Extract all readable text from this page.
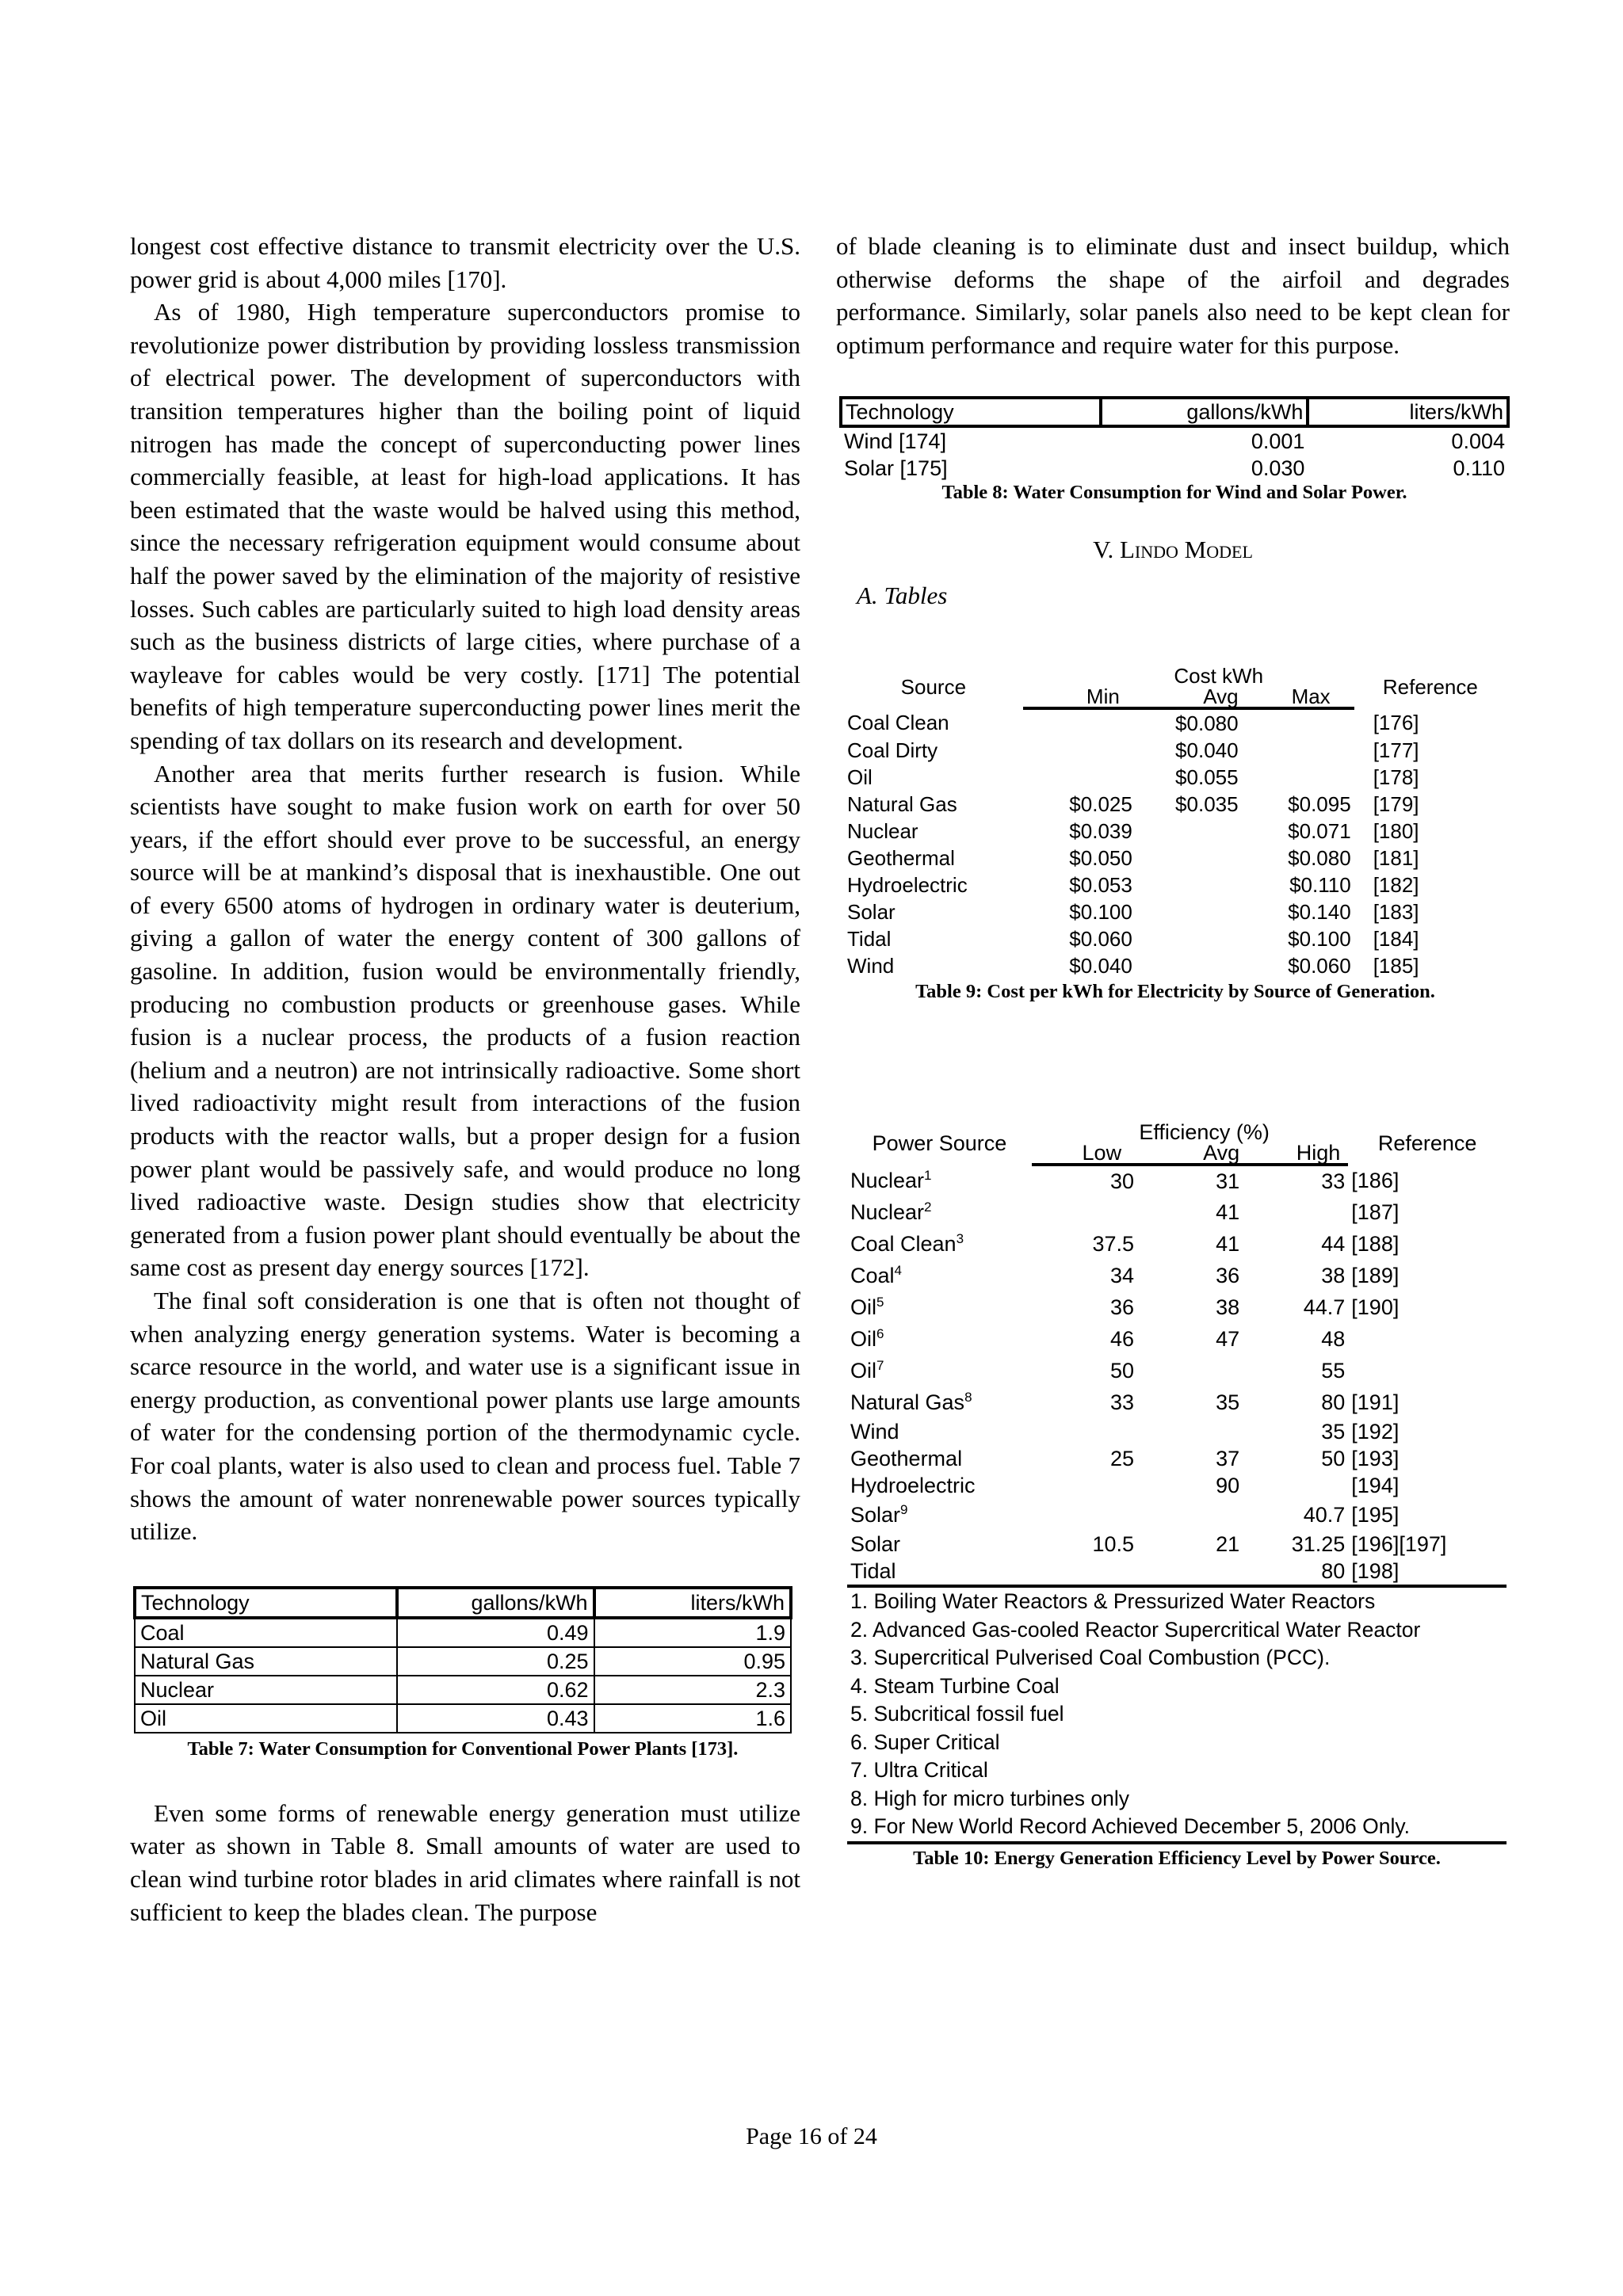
longest cost effective distance to transmit electricity over the U.S. power grid is about 4,000 miles [170].

As of 1980, High temperature superconductors promise to revolutionize power distribution by providing lossless transmission of electrical power. The development of superconductors with transition temperatures higher than the boiling point of liquid nitrogen has made the concept of superconducting power lines commercially feasible, at least for high-load applications. It has been estimated that the waste would be halved using this method, since the necessary refrigeration equipment would consume about half the power saved by the elimination of the majority of resistive losses. Such cables are particularly suited to high load density areas such as the business districts of large cities, where purchase of a wayleave for cables would be very costly. [171] The potential benefits of high temperature superconducting power lines merit the spending of tax dollars on its research and development.

Another area that merits further research is fusion. While scientists have sought to make fusion work on earth for over 50 years, if the effort should ever prove to be successful, an energy source will be at mankind’s disposal that is inexhaustible. One out of every 6500 atoms of hydrogen in ordinary water is deuterium, giving a gallon of water the energy content of 300 gallons of gasoline. In addition, fusion would be environmentally friendly, producing no combustion products or greenhouse gases. While fusion is a nuclear process, the products of a fusion reaction (helium and a neutron) are not intrinsically radioactive. Some short lived radioactivity might result from interactions of the fusion products with the reactor walls, but a proper design for a fusion power plant would be passively safe, and would produce no long lived radioactive waste. Design studies show that electricity generated from a fusion power plant should eventually be about the same cost as present day energy sources [172].

The final soft consideration is one that is often not thought of when analyzing energy generation systems. Water is becoming a scarce resource in the world, and water use is a significant issue in energy production, as conventional power plants use large amounts of water for the condensing portion of the thermodynamic cycle. For coal plants, water is also used to clean and process fuel. Table 7 shows the amount of water nonrenewable power sources typically utilize.

Technology	gallons/kWh	liters/kWh
Coal	0.49	1.9
Natural Gas	0.25	0.95
Nuclear	0.62	2.3
Oil	0.43	1.6

Table 7: Water Consumption for Conventional Power Plants [173].

Even some forms of renewable energy generation must utilize water as shown in Table 8. Small amounts of water are used to clean wind turbine rotor blades in arid climates where rainfall is not sufficient to keep the blades clean. The purpose

of blade cleaning is to eliminate dust and insect buildup, which otherwise deforms the shape of the airfoil and degrades performance. Similarly, solar panels also need to be kept clean for optimum performance and require water for this purpose.

Technology	gallons/kWh	liters/kWh
Wind [174]	0.001	0.004
Solar [175]	0.030	0.110

Table 8: Water Consumption for Wind and Solar Power.

V. Lindo Model

A. Tables

Source	Cost kWh			Reference
	Min	Avg	Max	
Coal Clean		$0.080		[176]
Coal Dirty		$0.040		[177]
Oil		$0.055		[178]
Natural Gas	$0.025	$0.035	$0.095	[179]
Nuclear	$0.039		$0.071	[180]
Geothermal	$0.050		$0.080	[181]
Hydroelectric	$0.053		$0.110	[182]
Solar	$0.100		$0.140	[183]
Tidal	$0.060		$0.100	[184]
Wind	$0.040		$0.060	[185]

Table 9: Cost per kWh for Electricity by Source of Generation.

Power Source	Efficiency (%)			Reference
	Low	Avg	High	
Nuclear$^1$	30	31	33	[186]
Nuclear$^2$		41		[187]
Coal Clean$^3$	37.5	41	44	[188]
Coal$^4$	34	36	38	[189]
Oil$^5$	36	38	44.7	[190]
Oil$^6$	46	47	48	
Oil$^7$	50		55	
Natural Gas$^8$	33	35	80	[191]
Wind			35	[192]
Geothermal	25	37	50	[193]
Hydroelectric		90		[194]
Solar$^9$			40.7	[195]
Solar	10.5	21	31.25	[196][197]
Tidal			80	[198]
1. Boiling Water Reactors & Pressurized Water Reactors
2. Advanced Gas-cooled Reactor Supercritical Water Reactor
3. Supercritical Pulverised Coal Combustion (PCC).
4. Steam Turbine Coal
5. Subcritical fossil fuel
6. Super Critical
7. Ultra Critical
8. High for micro turbines only
9. For New World Record Achieved December 5, 2006 Only.

Table 10: Energy Generation Efficiency Level by Power Source.

Page 16 of 24
